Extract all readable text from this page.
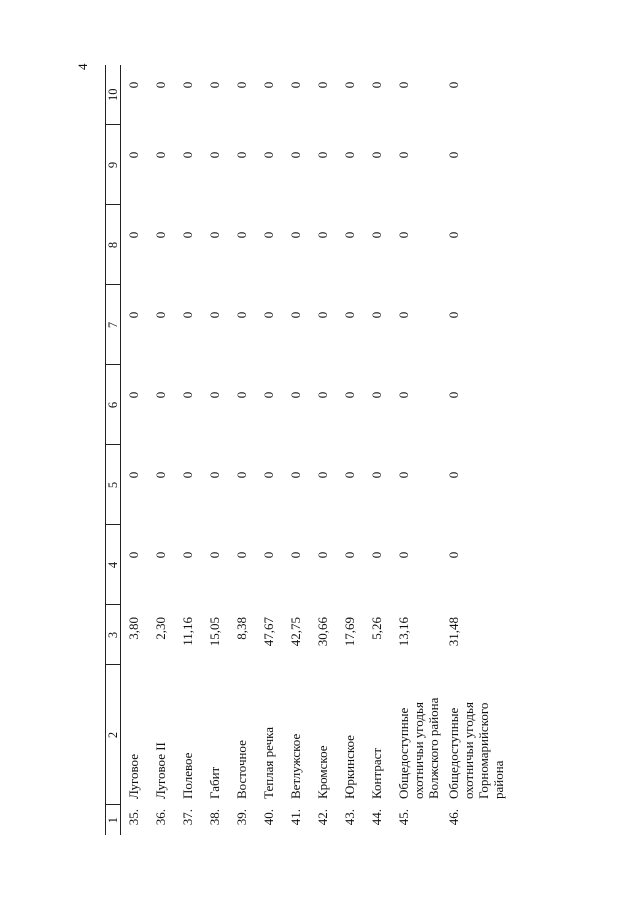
4
1	2	3	4	5	6	7	8	9	10
35.	Луговое	3,80	0	0	0	0	0	0	0
36.	Луговое II	2,30	0	0	0	0	0	0	0
37.	Полевое	11,16	0	0	0	0	0	0	0
38.	Габит	15,05	0	0	0	0	0	0	0
39.	Восточное	8,38	0	0	0	0	0	0	0
40.	Теплая речка	47,67	0	0	0	0	0	0	0
41.	Ветлужское	42,75	0	0	0	0	0	0	0
42.	Кромское	30,66	0	0	0	0	0	0	0
43.	Юркинское	17,69	0	0	0	0	0	0	0
44.	Контраст	5,26	0	0	0	0	0	0	0
45.	Общедоступные охотничьи угодья Волжского района	13,16	0	0	0	0	0	0	0
46.	Общедоступные охотничьи угодья Горномарийского района	31,48	0	0	0	0	0	0	0
